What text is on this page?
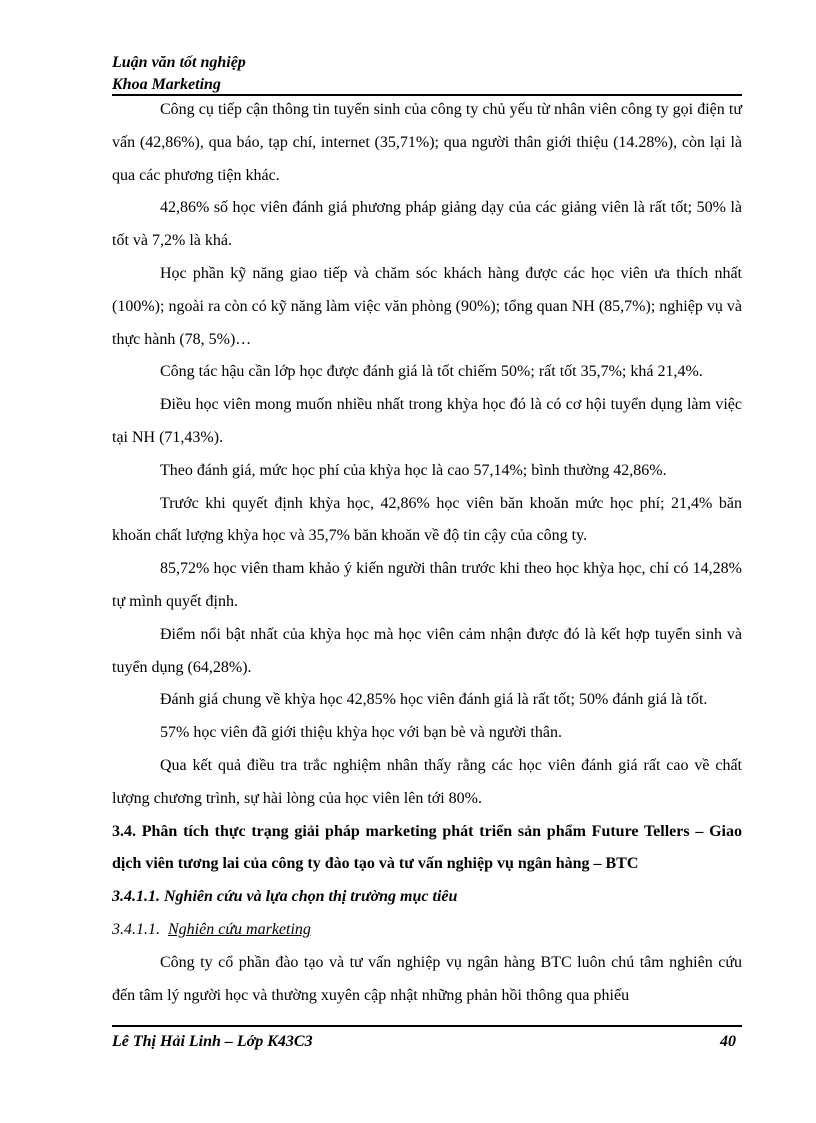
Luận văn tốt nghiệp
Khoa Marketing

Công cụ tiếp cận thông tin tuyển sinh của công ty chủ yếu từ nhân viên công ty gọi điện tư vấn (42,86%), qua báo, tạp chí, internet (35,71%); qua người thân giới thiệu (14.28%), còn lại là qua các phương tiện khác.

42,86% số học viên đánh giá phương pháp giảng dạy của các giảng viên là rất tốt; 50% là tốt và 7,2% là khá.

Học phần kỹ năng giao tiếp và chăm sóc khách hàng được các học viên ưa thích nhất (100%); ngoài ra còn có kỹ năng làm việc văn phòng (90%); tổng quan NH (85,7%); nghiệp vụ và thực hành (78, 5%)…

Công tác hậu cần lớp học được đánh giá là tốt chiếm 50%; rất tốt 35,7%; khá 21,4%.

Điều học viên mong muốn nhiều nhất trong khỳa học đó là có cơ hội tuyển dụng làm việc tại NH (71,43%).

Theo đánh giá, mức học phí của khỳa học là cao 57,14%; bình thường 42,86%.

Trước khi quyết định khỳa học, 42,86% học viên băn khoăn mức học phí; 21,4% băn khoăn chất lượng khỳa học và 35,7% băn khoăn về độ tin cậy của công ty.

85,72% học viên tham khảo ý kiến người thân trước khi theo học khỳa học, chỉ có 14,28% tự mình quyết định.

Điểm nổi bật nhất của khỳa học mà học viên cảm nhận được đó là kết hợp tuyển sinh và tuyển dụng (64,28%).

Đánh giá chung về khỳa học 42,85% học viên đánh giá là rất tốt; 50% đánh giá là tốt.

57% học viên đã giới thiệu khỳa học với bạn bè và người thân.

Qua kết quả điều tra trắc nghiệm nhân thấy rằng các học viên đánh giá rất cao về chất lượng chương trình, sự hài lòng của học viên lên tới 80%.

3.4. Phân tích thực trạng giải pháp marketing phát triển sản phẩm Future Tellers – Giao dịch viên tương lai của công ty đào tạo và tư vấn nghiệp vụ ngân hàng – BTC

3.4.1.1. Nghiên cứu và lựa chọn thị trường mục tiêu

3.4.1.1. Nghiên cứu marketing

Công ty cổ phần đào tạo và tư vấn nghiệp vụ ngân hàng BTC luôn chú tâm nghiên cứu đến tâm lý người học và thường xuyên cập nhật những phản hồi thông qua phiếu

Lê Thị Hải Linh – Lớp K43C3	40
